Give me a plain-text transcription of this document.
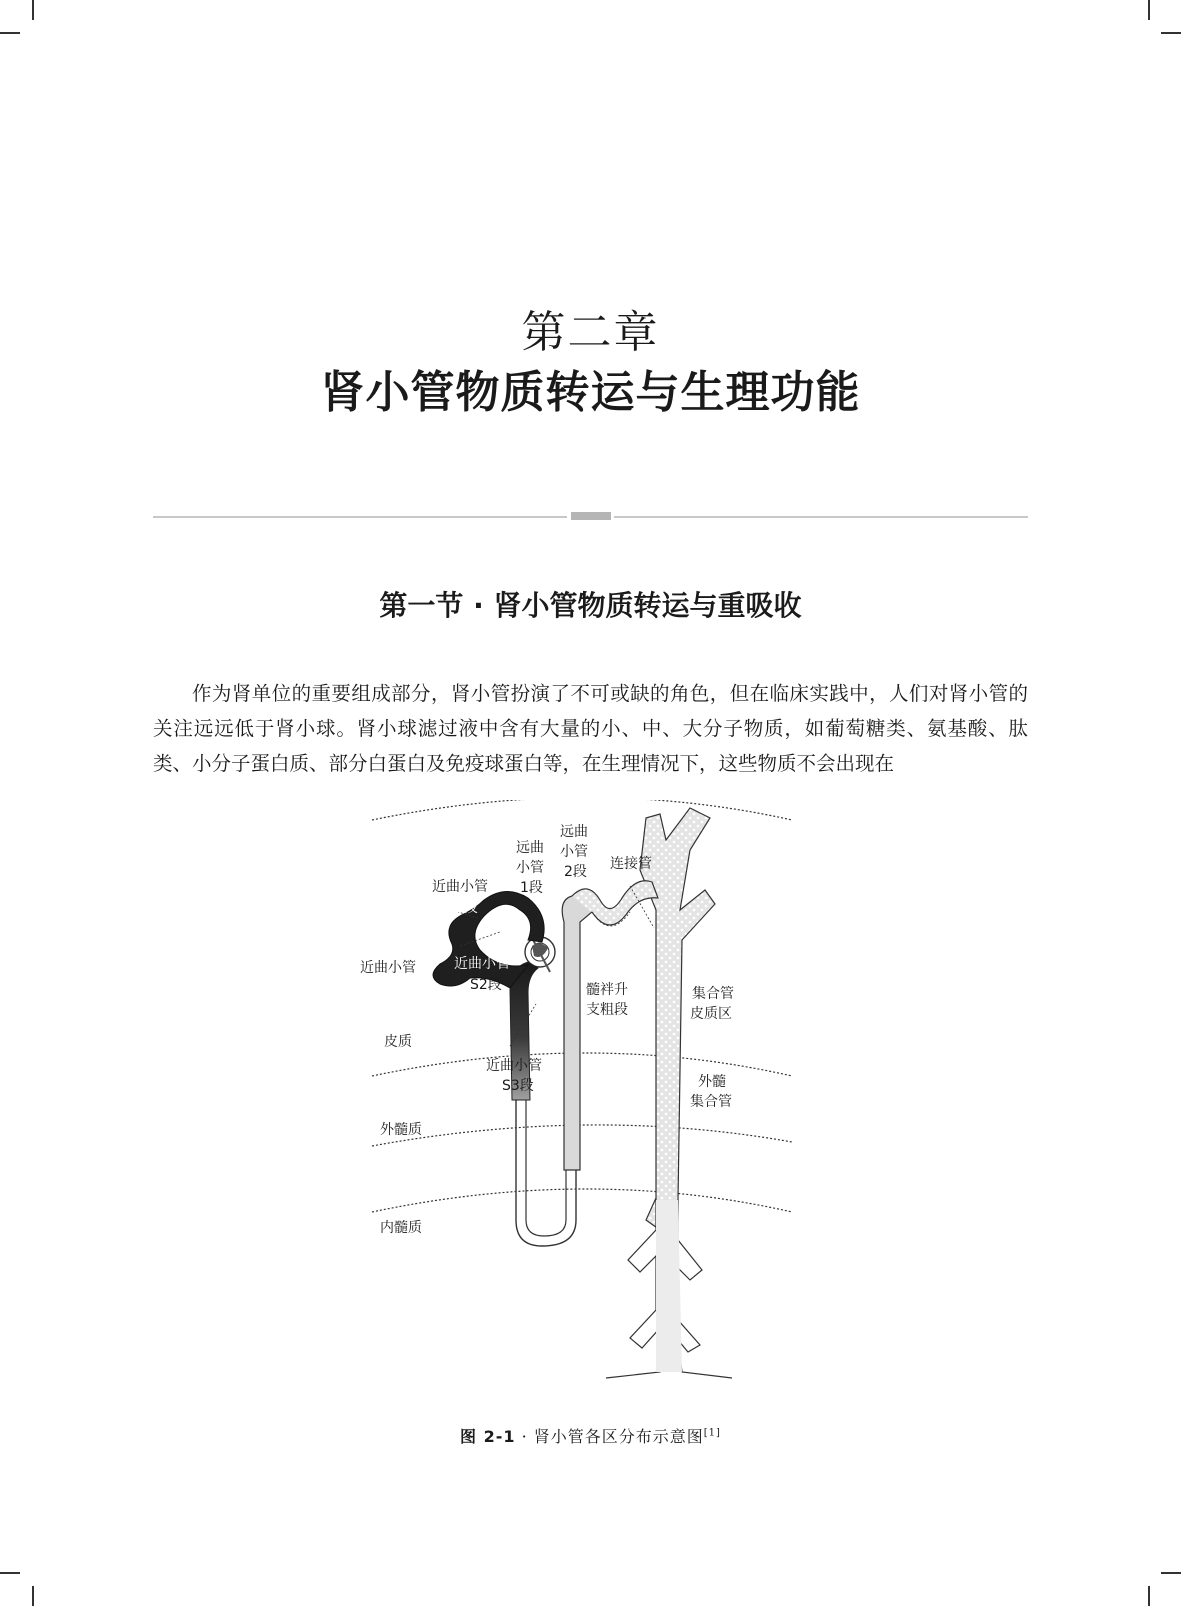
第二章
肾小管物质转运与生理功能
第一节 · 肾小管物质转运与重吸收
作为肾单位的重要组成部分，肾小管扮演了不可或缺的角色，但在临床实践中，人们对肾小管的关注远远低于肾小球。肾小球滤过液中含有大量的小、中、大分子物质，如葡萄糖类、氨基酸、肽类、小分子蛋白质、部分白蛋白及免疫球蛋白等，在生理情况下，这些物质不会出现在
近曲小管
S1段
近曲小管	近曲小管
S2段
近曲小管
S3段
远曲
小管
1段
远曲
小管
2段 连接管
髓袢升
支粗段
集合管
皮质区
外髓
集合管
皮质
外髓质
内髓质
图 2-1 · 肾小管各区分布示意图[1]
